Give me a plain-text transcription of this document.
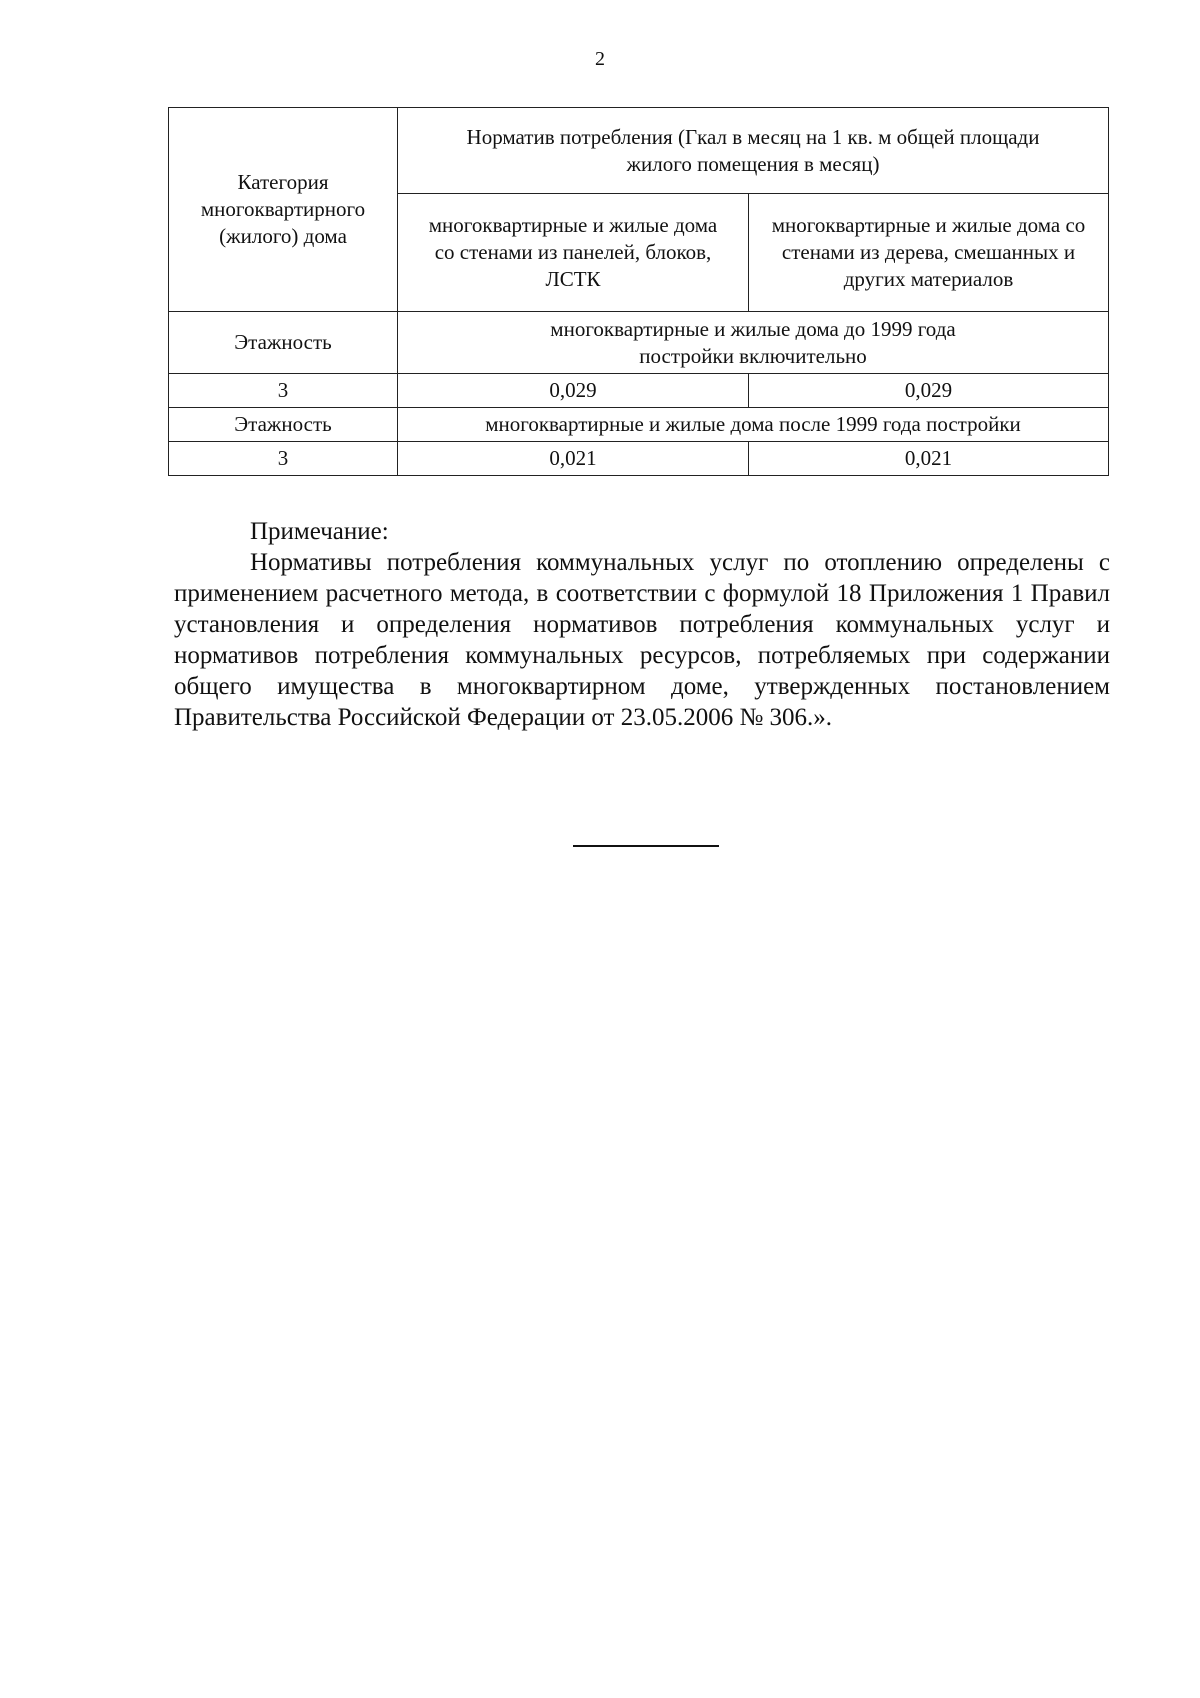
2
Категория многоквартирного (жилого) дома	Норматив потребления (Гкал в месяц на 1 кв. м общей площади жилого помещения в месяц)	
	многоквартирные и жилые дома со стенами из панелей, блоков, ЛСТК	многоквартирные и жилые дома со стенами из дерева, смешанных и других материалов
Этажность	многоквартирные и жилые дома до 1999 года постройки включительно	
3	0,029	0,029
Этажность	многоквартирные и жилые дома после 1999 года постройки	
3	0,021	0,021

Примечание:

Нормативы потребления коммунальных услуг по отоплению определены с применением расчетного метода, в соответствии с формулой 18 Приложения 1 Правил установления и определения нормативов потребления коммунальных услуг и нормативов потребления коммунальных ресурсов, потребляемых при содержании общего имущества в многоквартирном доме, утвержденных постановлением Правительства Российской Федерации от 23.05.2006 № 306.».
